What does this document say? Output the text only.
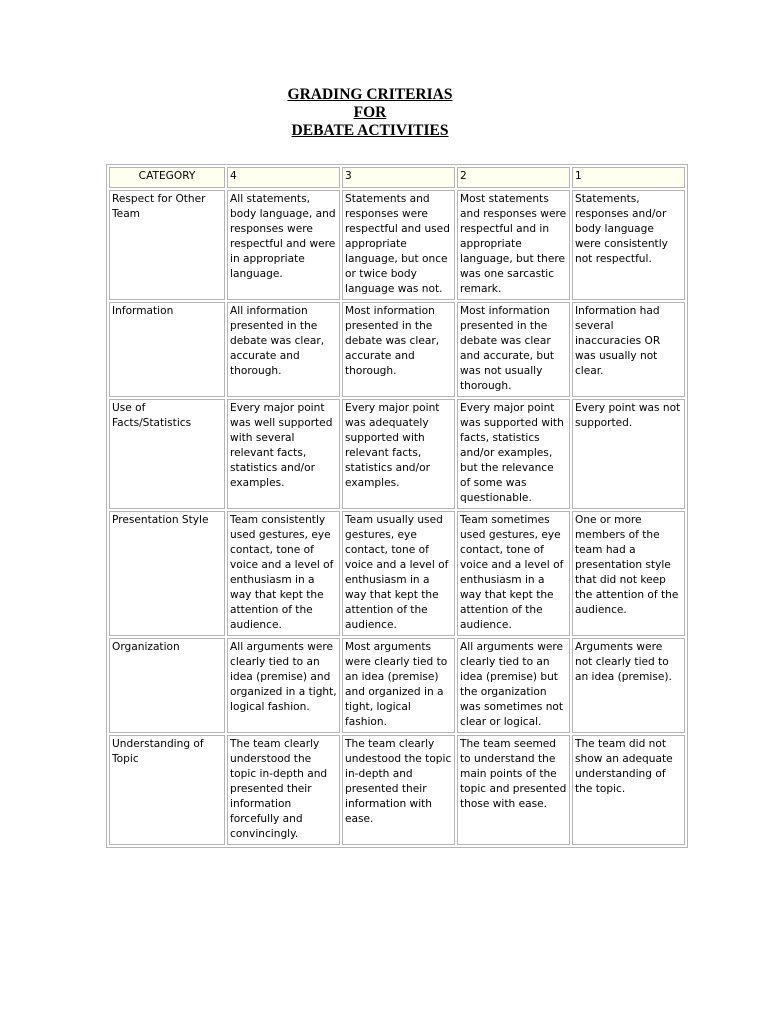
GRADING CRITERIAS
FOR
DEBATE ACTIVITIES
CATEGORY	4	3	2	1
Respect for Other Team	All statements, body language, and responses were respectful and were in appropriate language.	Statements and responses were respectful and used appropriate language, but once or twice body language was not.	Most statements and responses were respectful and in appropriate language, but there was one sarcastic remark.	Statements, responses and/or body language were consistently not respectful.
Information	All information presented in the debate was clear, accurate and thorough.	Most information presented in the debate was clear, accurate and thorough.	Most information presented in the debate was clear and accurate, but was not usually thorough.	Information had several inaccuracies OR was usually not clear.
Use of Facts/Statistics	Every major point was well supported with several relevant facts, statistics and/or examples.	Every major point was adequately supported with relevant facts, statistics and/or examples.	Every major point was supported with facts, statistics and/or examples, but the relevance of some was questionable.	Every point was not supported.
Presentation Style	Team consistently used gestures, eye contact, tone of voice and a level of enthusiasm in a way that kept the attention of the audience.	Team usually used gestures, eye contact, tone of voice and a level of enthusiasm in a way that kept the attention of the audience.	Team sometimes used gestures, eye contact, tone of voice and a level of enthusiasm in a way that kept the attention of the audience.	One or more members of the team had a presentation style that did not keep the attention of the audience.
Organization	All arguments were clearly tied to an idea (premise) and organized in a tight, logical fashion.	Most arguments were clearly tied to an idea (premise) and organized in a tight, logical fashion.	All arguments were clearly tied to an idea (premise) but the organization was sometimes not clear or logical.	Arguments were not clearly tied to an idea (premise).
Understanding of Topic	The team clearly understood the topic in-depth and presented their information forcefully and convincingly.	The team clearly undestood the topic in-depth and presented their information with ease.	The team seemed to understand the main points of the topic and presented those with ease.	The team did not show an adequate understanding of the topic.
